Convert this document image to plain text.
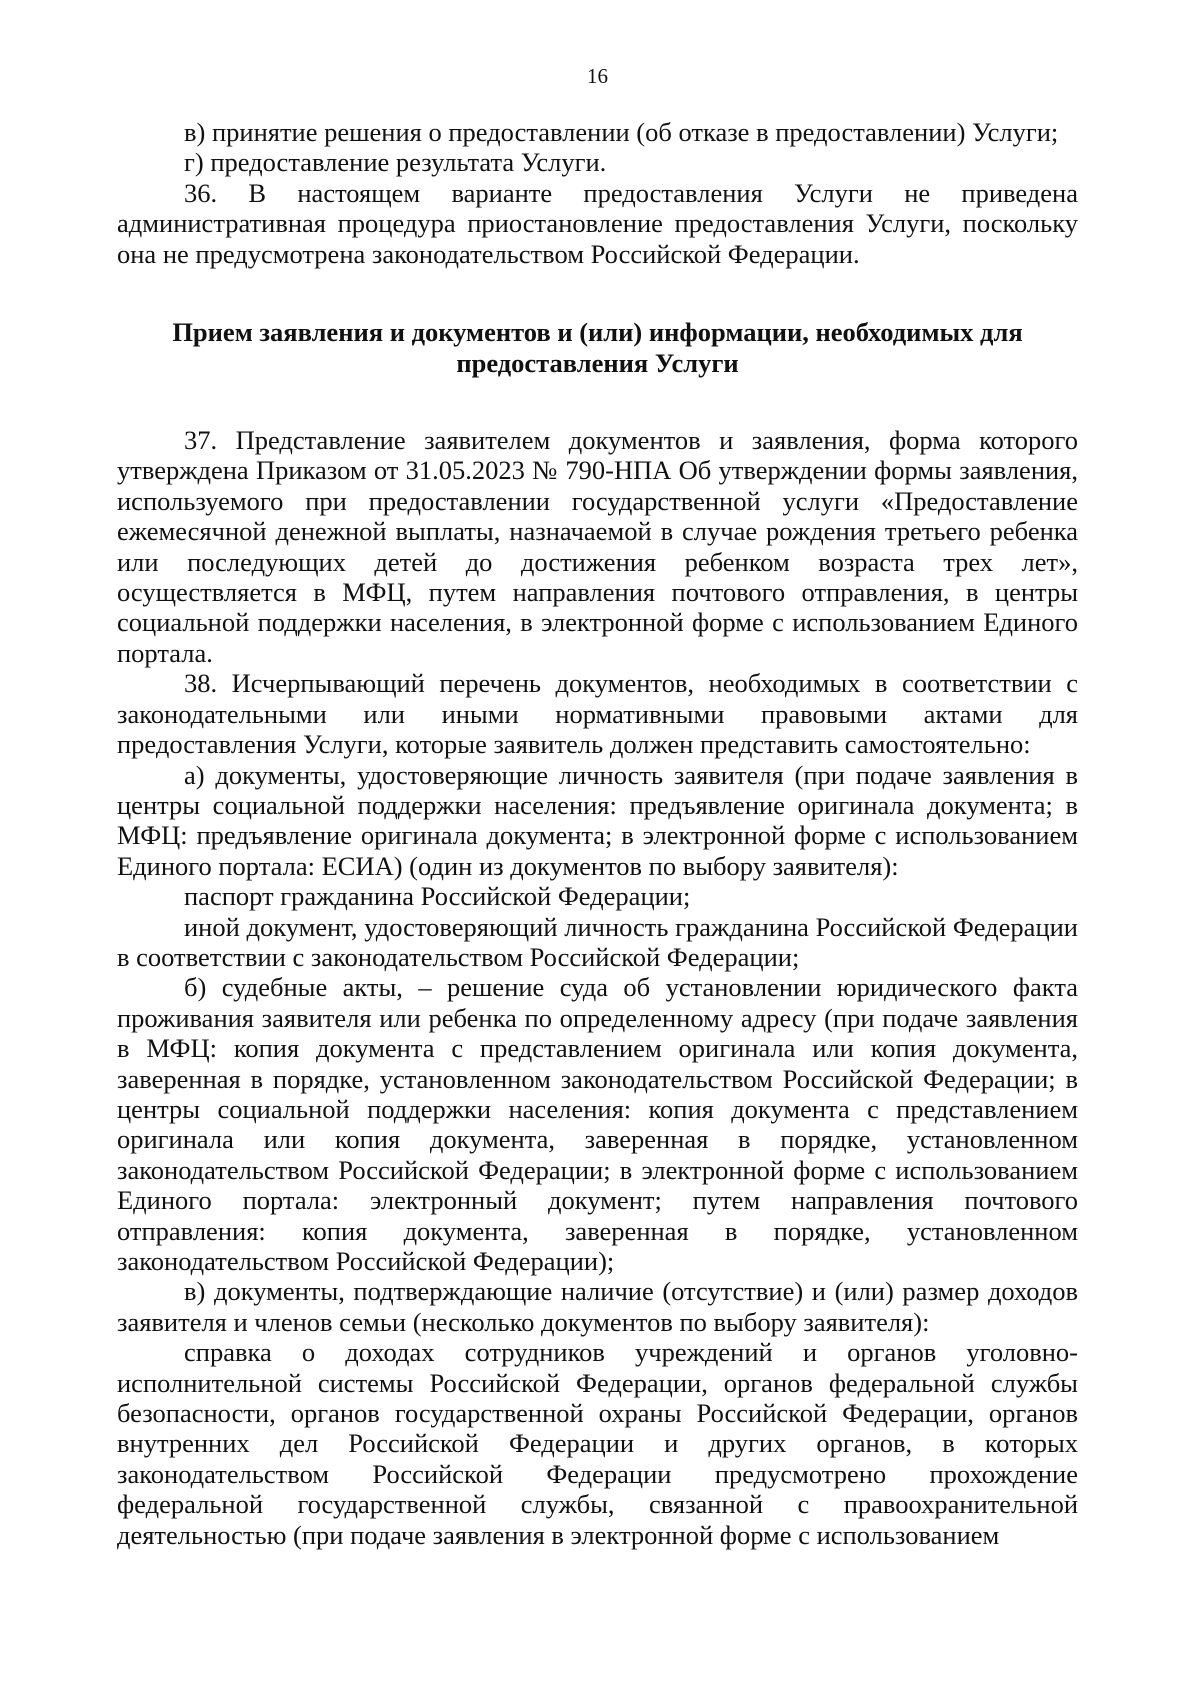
16

в) принятие решения о предоставлении (об отказе в предоставлении) Услуги;

г) предоставление результата Услуги.

36. В настоящем варианте предоставления Услуги не приведена административная процедура приостановление предоставления Услуги, поскольку она не предусмотрена законодательством Российской Федерации.

Прием заявления и документов и (или) информации, необходимых для предоставления Услуги

37. Представление заявителем документов и заявления, форма которого утверждена Приказом от 31.05.2023 № 790-НПА Об утверждении формы заявления, используемого при предоставлении государственной услуги «Предоставление ежемесячной денежной выплаты, назначаемой в случае рождения третьего ребенка или последующих детей до достижения ребенком возраста трех лет», осуществляется в МФЦ, путем направления почтового отправления, в центры социальной поддержки населения, в электронной форме с использованием Единого портала.

38. Исчерпывающий перечень документов, необходимых в соответствии с законодательными или иными нормативными правовыми актами для предоставления Услуги, которые заявитель должен представить самостоятельно:

а) документы, удостоверяющие личность заявителя (при подаче заявления в центры социальной поддержки населения: предъявление оригинала документа; в МФЦ: предъявление оригинала документа; в электронной форме с использованием Единого портала: ЕСИА) (один из документов по выбору заявителя):

паспорт гражданина Российской Федерации;

иной документ, удостоверяющий личность гражданина Российской Федерации в соответствии с законодательством Российской Федерации;

б) судебные акты, – решение суда об установлении юридического факта проживания заявителя или ребенка по определенному адресу (при подаче заявления в МФЦ: копия документа с представлением оригинала или копия документа, заверенная в порядке, установленном законодательством Российской Федерации; в центры социальной поддержки населения: копия документа с представлением оригинала или копия документа, заверенная в порядке, установленном законодательством Российской Федерации; в электронной форме с использованием Единого портала: электронный документ; путем направления почтового отправления: копия документа, заверенная в порядке, установленном законодательством Российской Федерации);

в) документы, подтверждающие наличие (отсутствие) и (или) размер доходов заявителя и членов семьи (несколько документов по выбору заявителя):

справка о доходах сотрудников учреждений и органов уголовно-исполнительной системы Российской Федерации, органов федеральной службы безопасности, органов государственной охраны Российской Федерации, органов внутренних дел Российской Федерации и других органов, в которых законодательством Российской Федерации предусмотрено прохождение федеральной государственной службы, связанной с правоохранительной деятельностью (при подаче заявления в электронной форме с использованием
